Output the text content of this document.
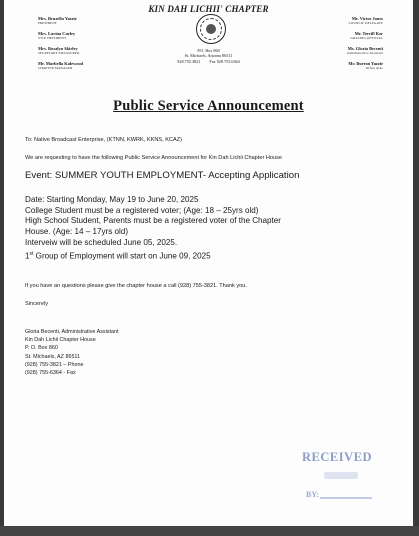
KIN DAH LICHII' CHAPTER
Mrs. Bruzella Yazzie
PRESIDENT
Mrs. Lavina Curley
VICE PRESIDENT
Mrs. Rosalyn Skirley
SECRETARY/TREASURER
Mr. Marbella Kalewood
CHAPTER MANAGER
P.O. Box 860
St. Michaels, Arizona 86511
928.755.3821 Fax 928.755.6364
Mr. Victor Jones
COUNCIL DELEGATE
Mr. Terrill Ker
GRAZING OFFICIAL
Ms. Gloria Becenti
Administrative Assistant
Mr. Burron Yazzie
Office Aide
Public Service Announcement
To: Native Broadcast Enterprise, (KTNN, KWRK, KKNS, KCAZ)
We are requesting to have the following Public Service Announcement for Kin Dah Lichii Chapter House
Event: SUMMER YOUTH EMPLOYMENT- Accepting Application
Date: Starting Monday, May 19 to June 20, 2025
College Student must be a registered voter; (Age: 18 – 25yrs old)
High School Student, Parents must be a registered voter of the Chapter
House. (Age: 14 – 17yrs old)
Interveiw will be scheduled June 05, 2025.
1st Group of Employment will start on June 09, 2025
If you have an questions please give the chapter house a call (928) 755-3821. Thank you.
Sincerely
Gloria Becenti, Administrative Assistant
Kin Dah Lichii Chapter House
P. O. Box 860
St. Michaels, AZ 86511
(928) 755-3821 – Phone
(928) 755-6364 - Fax
RECEIVED
BY:
